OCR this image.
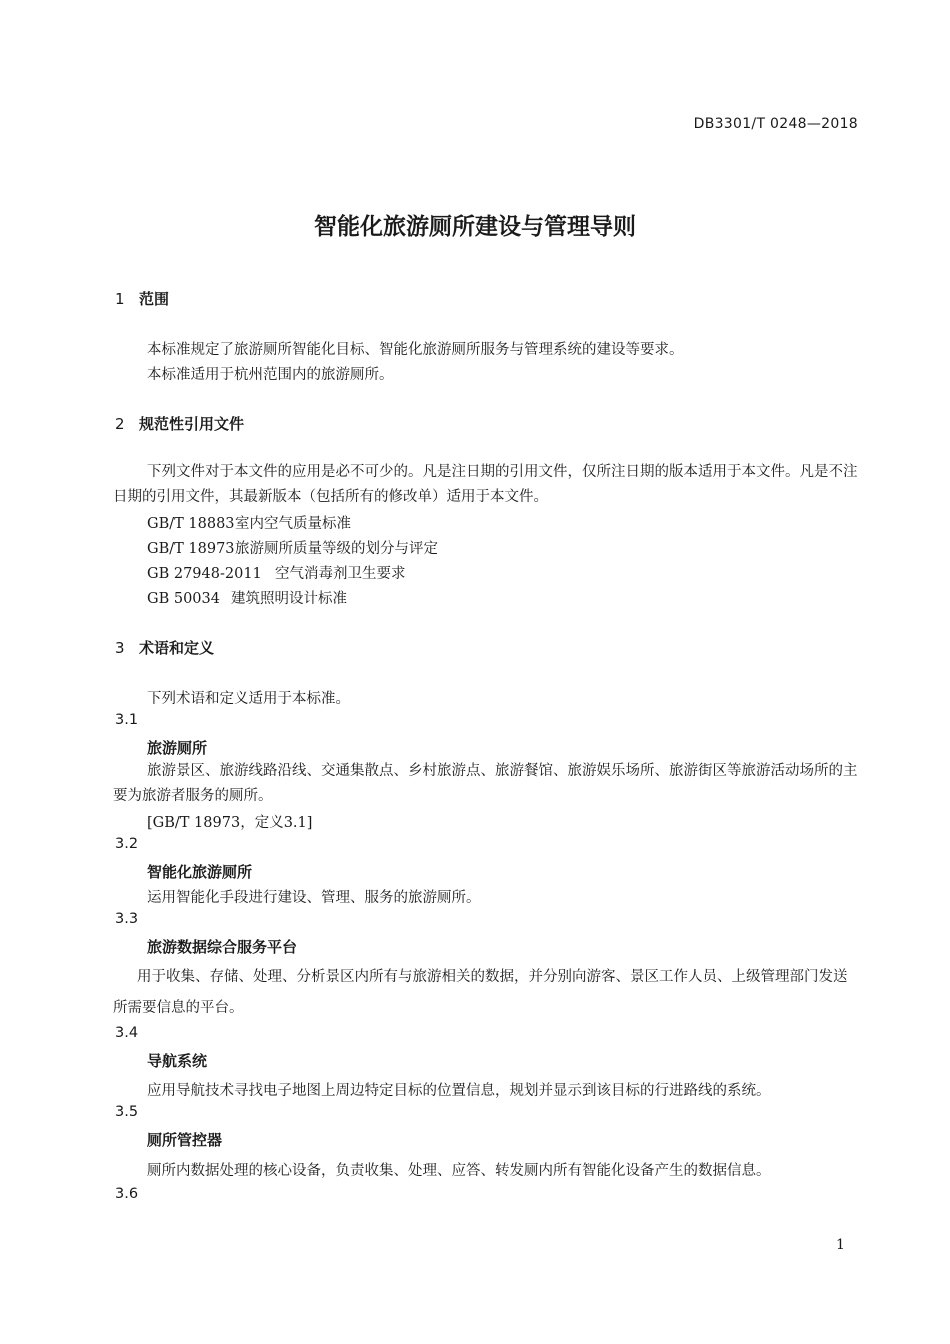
DB3301/T 0248—2018
智能化旅游厕所建设与管理导则
1 范围
本标准规定了旅游厕所智能化目标、智能化旅游厕所服务与管理系统的建设等要求。
本标准适用于杭州范围内的旅游厕所。
2 规范性引用文件
下列文件对于本文件的应用是必不可少的。凡是注日期的引用文件，仅所注日期的版本适用于本文件。凡是不注日期的引用文件，其最新版本（包括所有的修改单）适用于本文件。
GB/T 18883室内空气质量标准
GB/T 18973旅游厕所质量等级的划分与评定
GB 27948-2011 空气消毒剂卫生要求
GB 50034 建筑照明设计标准
3 术语和定义
下列术语和定义适用于本标准。
3.1
旅游厕所
旅游景区、旅游线路沿线、交通集散点、乡村旅游点、旅游餐馆、旅游娱乐场所、旅游街区等旅游活动场所的主要为旅游者服务的厕所。
[GB/T 18973，定义3.1]
3.2
智能化旅游厕所
运用智能化手段进行建设、管理、服务的旅游厕所。
3.3
旅游数据综合服务平台
用于收集、存储、处理、分析景区内所有与旅游相关的数据，并分别向游客、景区工作人员、上级管理部门发送所需要信息的平台。
3.4
导航系统
应用导航技术寻找电子地图上周边特定目标的位置信息，规划并显示到该目标的行进路线的系统。
3.5
厕所管控器
厕所内数据处理的核心设备，负责收集、处理、应答、转发厕内所有智能化设备产生的数据信息。
3.6
1
